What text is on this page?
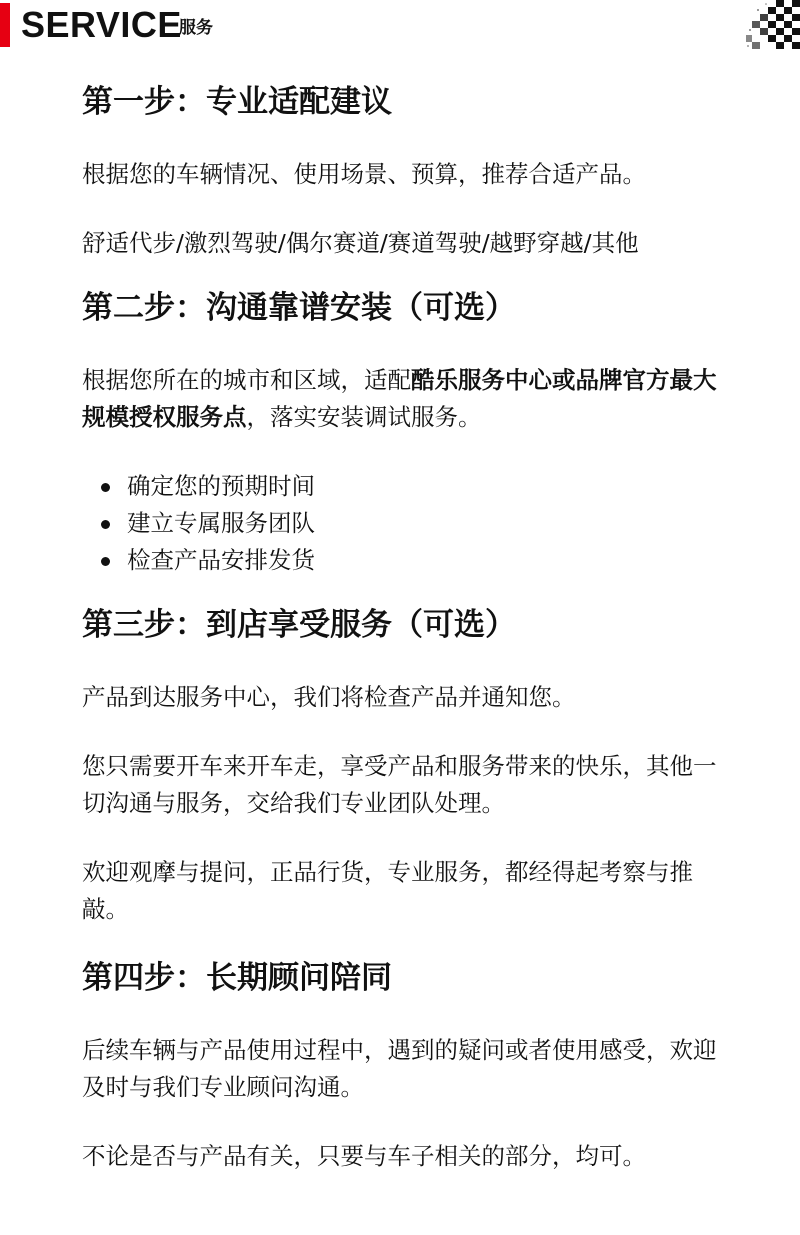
SERVICE
服务
第一步：专业适配建议

根据您的车辆情况、使用场景、预算，推荐合适产品。

舒适代步/激烈驾驶/偶尔赛道/赛道驾驶/越野穿越/其他

第二步：沟通靠谱安装（可选）

根据您所在的城市和区域，适配酷乐服务中心或品牌官方最大规模授权服务点，落实安装调试服务。

确定您的预期时间
建立专属服务团队
检查产品安排发货
第三步：到店享受服务（可选）

产品到达服务中心，我们将检查产品并通知您。

您只需要开车来开车走，享受产品和服务带来的快乐，其他一切沟通与服务，交给我们专业团队处理。

欢迎观摩与提问，正品行货，专业服务，都经得起考察与推敲。

第四步：长期顾问陪同

后续车辆与产品使用过程中，遇到的疑问或者使用感受，欢迎及时与我们专业顾问沟通。

不论是否与产品有关，只要与车子相关的部分，均可。
